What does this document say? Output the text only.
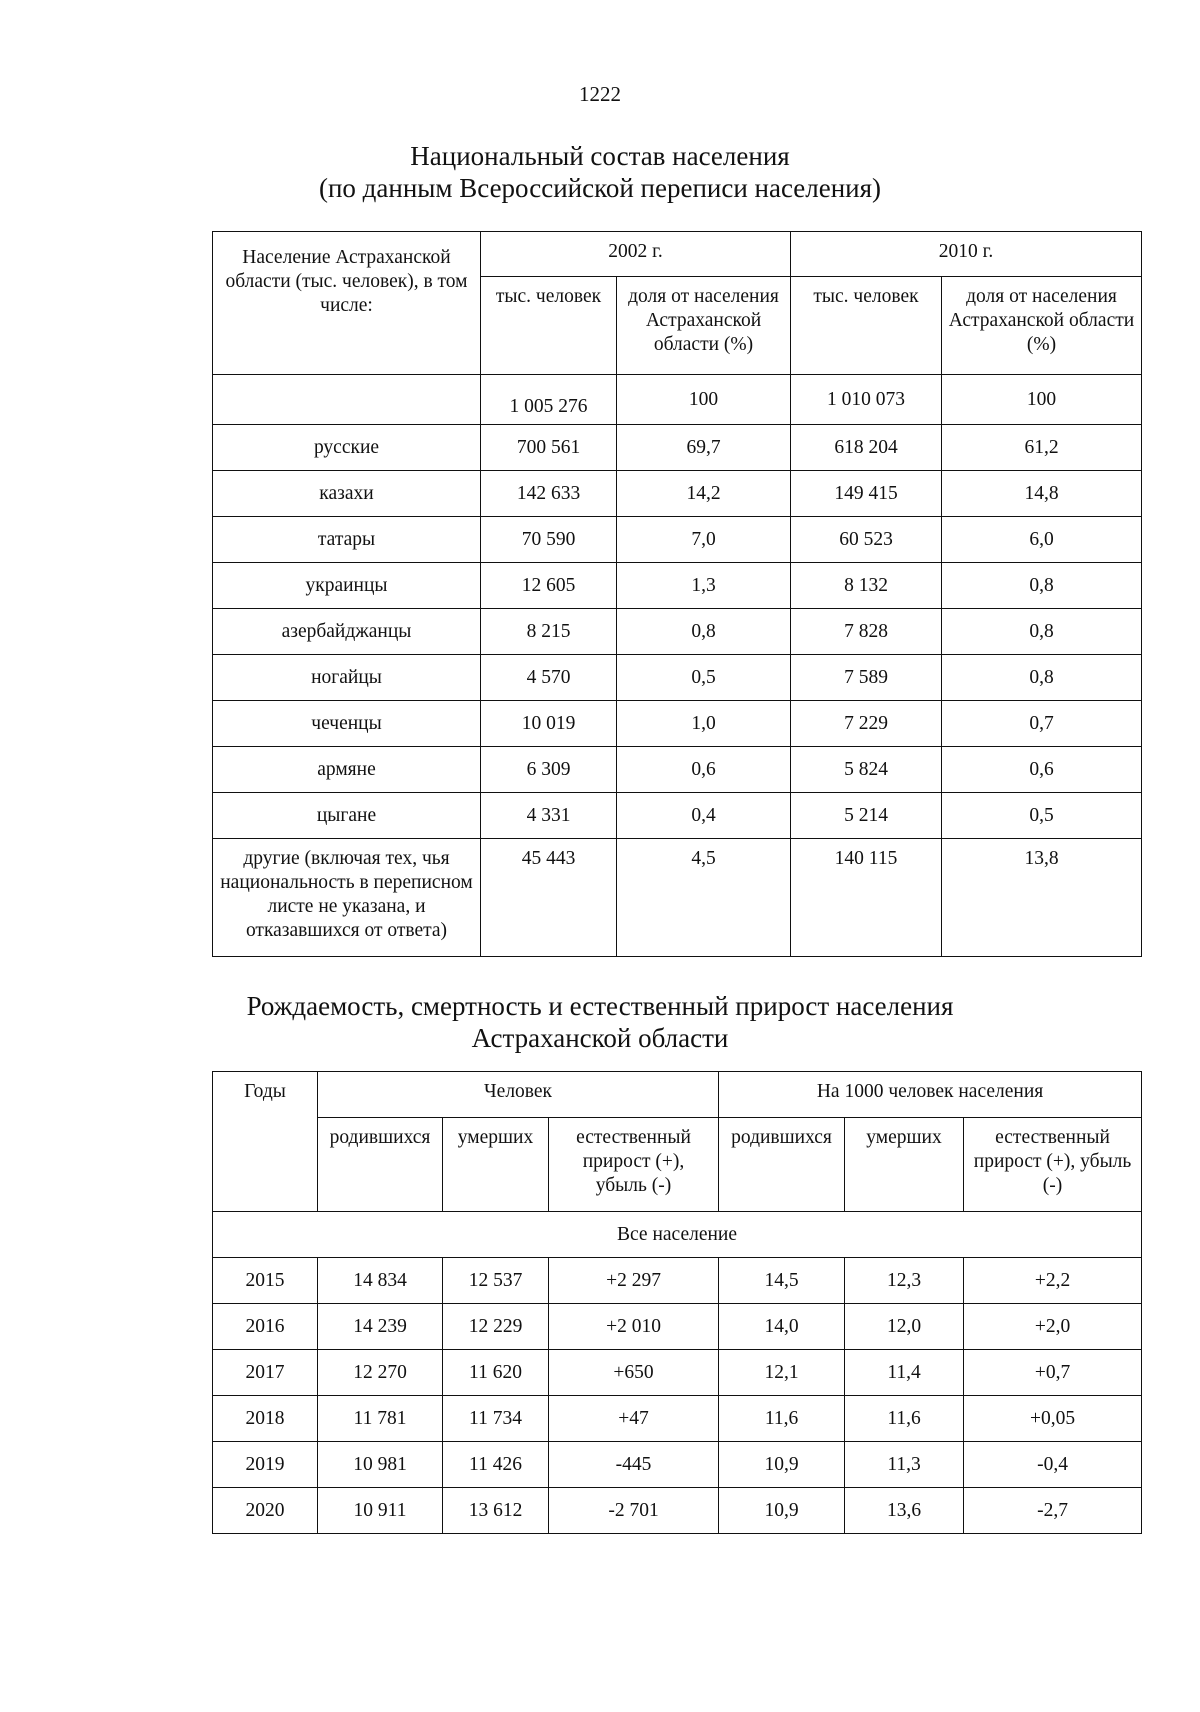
1222
Национальный состав населения
(по данным Всероссийской переписи населения)
Население Астраханской области (тыс. человек), в том числе:	2002 г.		2010 г.	
	тыс. человек	доля от населения Астраханской области (%)	тыс. человек	доля от населения Астраханской области (%)
	1 005 276	100	1 010 073	100
русские	700 561	69,7	618 204	61,2
казахи	142 633	14,2	149 415	14,8
татары	70 590	7,0	60 523	6,0
украинцы	12 605	1,3	8 132	0,8
азербайджанцы	8 215	0,8	7 828	0,8
ногайцы	4 570	0,5	7 589	0,8
чеченцы	10 019	1,0	7 229	0,7
армяне	6 309	0,6	5 824	0,6
цыгане	4 331	0,4	5 214	0,5
другие (включая тех, чья национальность в переписном листе не указана, и отказавшихся от ответа)	45 443	4,5	140 115	13,8
Рождаемость, смертность и естественный прирост населения
Астраханской области
Годы	Человек			На 1000 человек населения		
	родившихся	умерших	естественный прирост (+), убыль (-)	родившихся	умерших	естественный прирост (+), убыль (-)
Все население						
2015	14 834	12 537	+2 297	14,5	12,3	+2,2
2016	14 239	12 229	+2 010	14,0	12,0	+2,0
2017	12 270	11 620	+650	12,1	11,4	+0,7
2018	11 781	11 734	+47	11,6	11,6	+0,05
2019	10 981	11 426	-445	10,9	11,3	-0,4
2020	10 911	13 612	-2 701	10,9	13,6	-2,7
